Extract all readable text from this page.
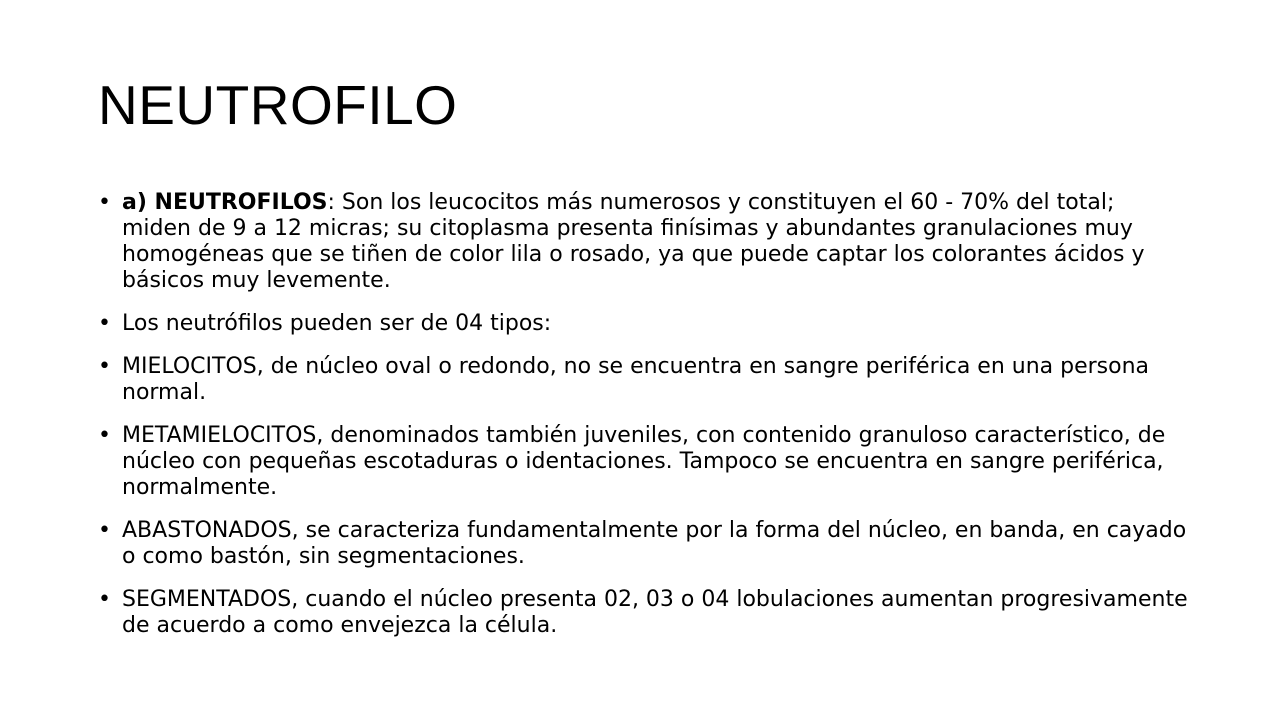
NEUTROFILO
• a) NEUTROFILOS: Son los leucocitos más numerosos y constituyen el 60 - 70% del total; miden de 9 a 12 micras; su citoplasma presenta finísimas y abundantes granulaciones muy homogéneas que se tiñen de color lila o rosado, ya que puede captar los colorantes ácidos y básicos muy levemente.
• Los neutrófilos pueden ser de 04 tipos:
• MIELOCITOS, de núcleo oval o redondo, no se encuentra en sangre periférica en una persona normal.
• METAMIELOCITOS, denominados también juveniles, con contenido granuloso característico, de núcleo con pequeñas escotaduras o identaciones. Tampoco se encuentra en sangre periférica, normalmente.
• ABASTONADOS, se caracteriza fundamentalmente por la forma del núcleo, en banda, en cayado o como bastón, sin segmentaciones.
• SEGMENTADOS, cuando el núcleo presenta 02, 03 o 04 lobulaciones aumentan progresivamente de acuerdo a como envejezca la célula.
